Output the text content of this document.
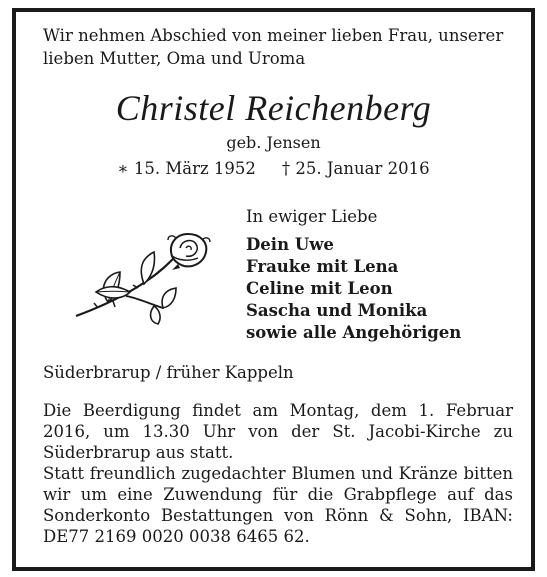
Wir nehmen Abschied von meiner lieben Frau, unserer lieben Mutter, Oma und Uroma
Christel Reichenberg
geb. Jensen
∗ 15. März 1952 † 25. Januar 2016
In ewiger Liebe
Dein Uwe
Frauke mit Lena
Celine mit Leon
Sascha und Monika
sowie alle Angehörigen
Süderbrarup / früher Kappeln
Die Beerdigung findet am Montag, dem 1. Februar 2016, um 13.30 Uhr von der St. Jacobi-Kirche zu Süderbrarup aus statt.
Statt freundlich zugedachter Blumen und Kränze bitten wir um eine Zuwendung für die Grabpflege auf das Sonderkonto Bestattungen von Rönn & Sohn, IBAN: DE77 2169 0020 0038 6465 62.
